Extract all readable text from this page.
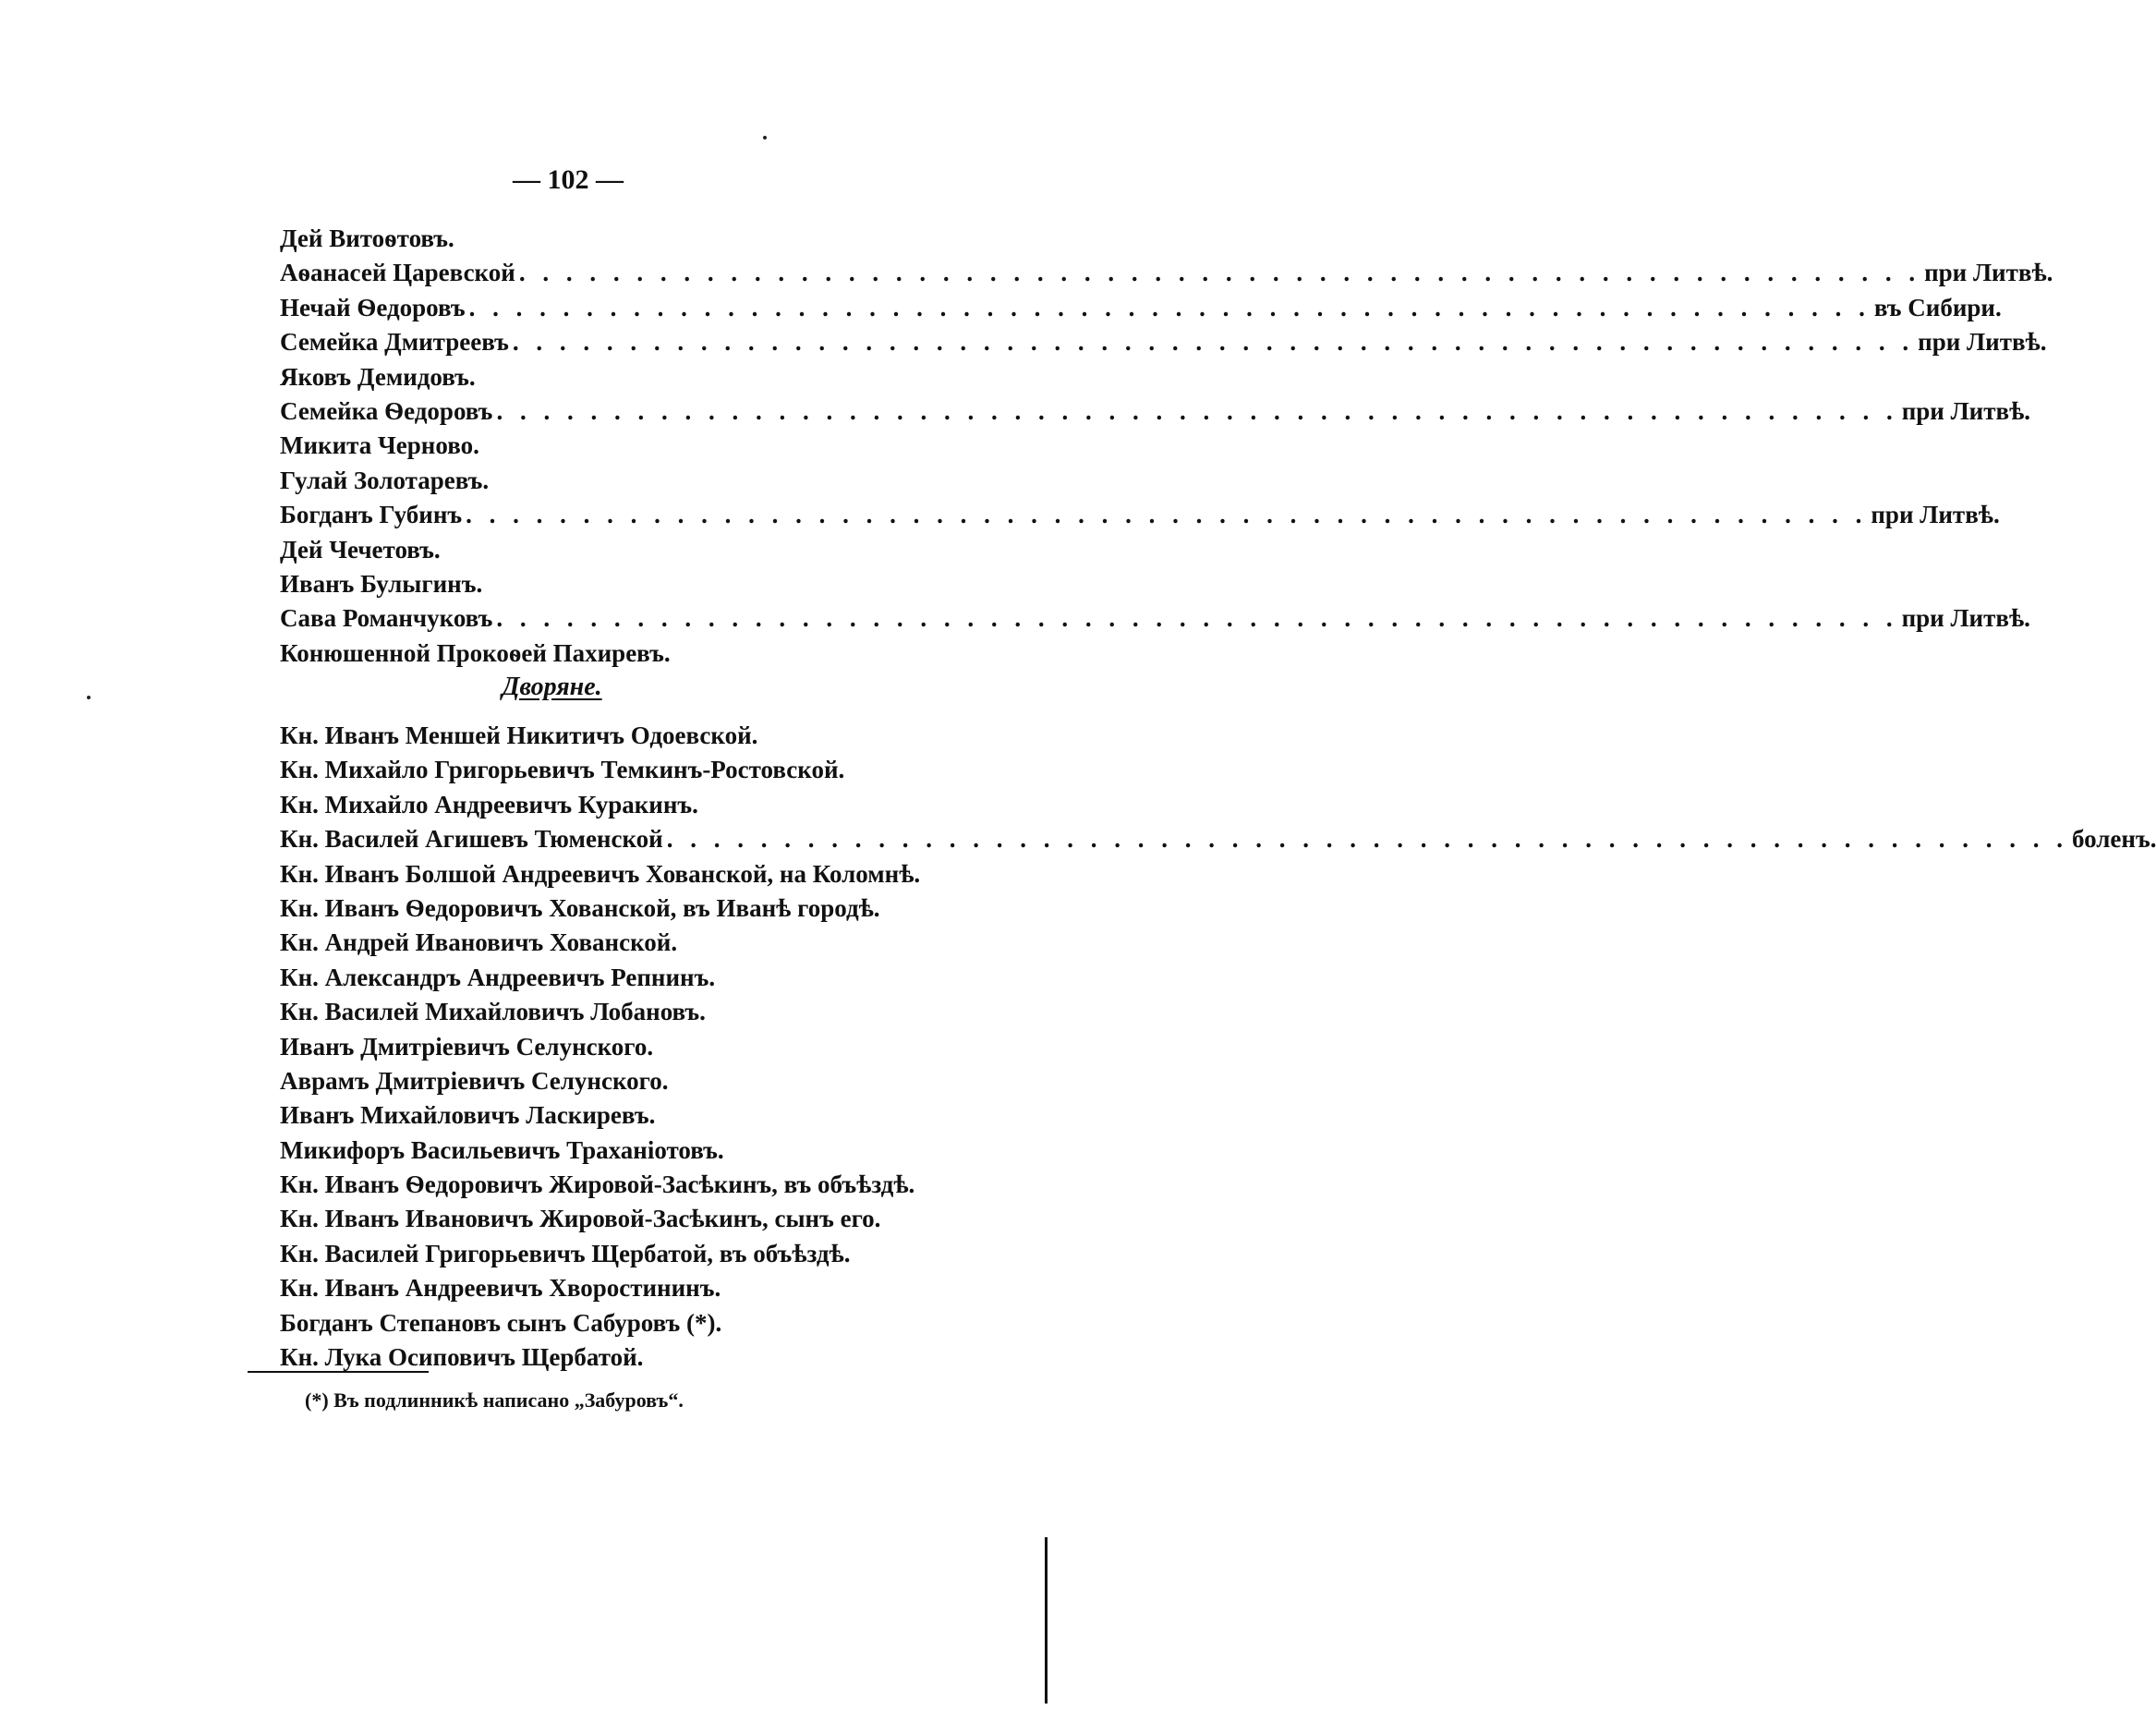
— 102 —
Дей Витоѳтовъ.
Аѳанасей Царевской . . . . . . . . . . . . . . . . . . . . . . . . . . . . . . . . . . . . . . . . . . . . . . . . . . . . . . . . . . . . при Литвѣ.
Нечай Ѳедоровъ . . . . . . . . . . . . . . . . . . . . . . . . . . . . . . . . . . . . . . . . . . . . . . . . . . . . . . . . . . . . въ Сибири.
Семейка Дмитреевъ . . . . . . . . . . . . . . . . . . . . . . . . . . . . . . . . . . . . . . . . . . . . . . . . . . . . . . . . . . . . при Литвѣ.
Яковъ Демидовъ.
Семейка Ѳедоровъ . . . . . . . . . . . . . . . . . . . . . . . . . . . . . . . . . . . . . . . . . . . . . . . . . . . . . . . . . . . . при Литвѣ.
Микита Черново.
Гулай Золотаревъ.
Богданъ Губинъ . . . . . . . . . . . . . . . . . . . . . . . . . . . . . . . . . . . . . . . . . . . . . . . . . . . . . . . . . . . . при Литвѣ.
Дей Чечетовъ.
Иванъ Булыгинъ.
Сава Романчуковъ . . . . . . . . . . . . . . . . . . . . . . . . . . . . . . . . . . . . . . . . . . . . . . . . . . . . . . . . . . . . при Литвѣ.
Конюшенной Прокоѳей Пахиревъ.
Дворяне.
Кн. Иванъ Меншей Никитичъ Одоевской.
Кн. Михайло Григорьевичъ Темкинъ-Ростовской.
Кн. Михайло Андреевичъ Куракинъ.
Кн. Василей Агишевъ Тюменской . . . . . . . . . . . . . . . . . . . . . . . . . . . . . . . . . . . . . . . . . . . . . . . . . . . . . . . . . . . . боленъ.
Кн. Иванъ Болшой Андреевичъ Хованской, на Коломнѣ.
Кн. Иванъ Ѳедоровичъ Хованской, въ Иванѣ городѣ.
Кн. Андрей Ивановичъ Хованской.
Кн. Александръ Андреевичъ Репнинъ.
Кн. Василей Михайловичъ Лобановъ.
Иванъ Дмитріевичъ Селунского.
Аврамъ Дмитріевичъ Селунского.
Иванъ Михайловичъ Ласкиревъ.
Микифоръ Васильевичъ Траханіотовъ.
Кн. Иванъ Ѳедоровичъ Жировой-Засѣкинъ, въ объѣздѣ.
Кн. Иванъ Ивановичъ Жировой-Засѣкинъ, сынъ его.
Кн. Василей Григорьевичъ Щербатой, въ объѣздѣ.
Кн. Иванъ Андреевичъ Хворостининъ.
Богданъ Степановъ сынъ Сабуровъ (*).
Кн. Лука Осиповичъ Щербатой.
(*) Въ подлинникѣ написано „Забуровъ“.
